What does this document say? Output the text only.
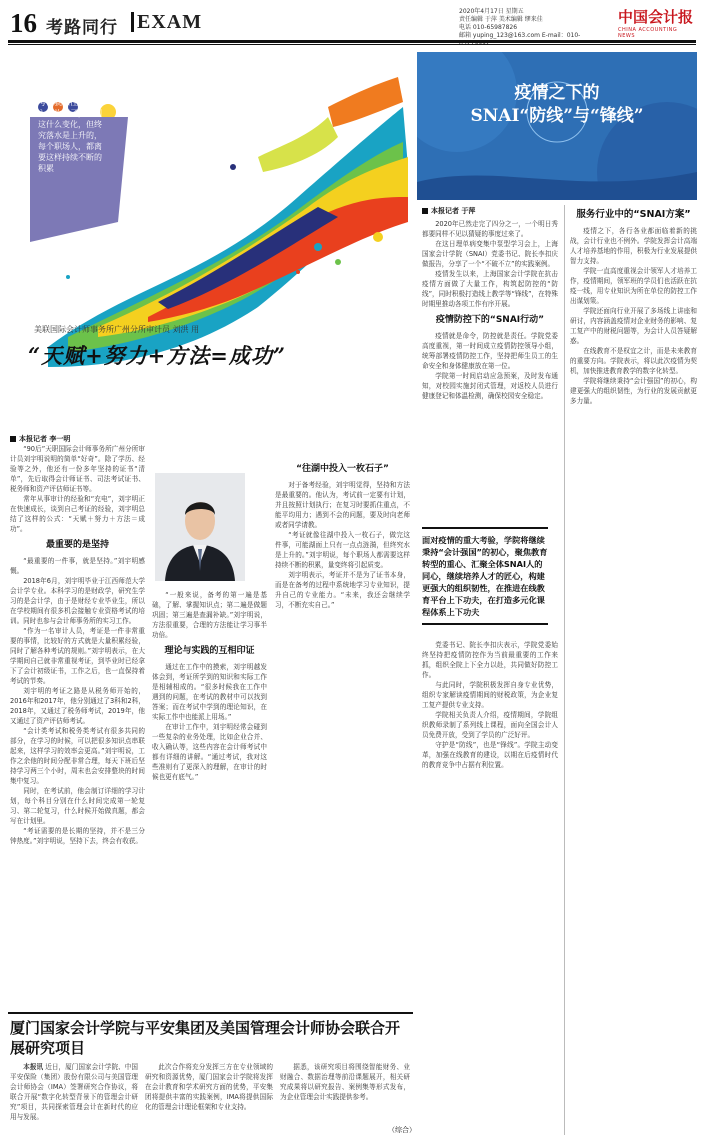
16 考路同行 EXAM	2020年4月17日 星期五
责任编辑 于萍 美术编辑 缪来佳
电话 010-65987826
邮箱 yuping_123@163.com E-mail：010-
中国会计报
CHINA ACCOUNTING NEWS
考证就像往湖中投入一枚石子，做到这什么变化，但终究落水是上升的，每个职场人，都离要这样持续不断的积累
美联国际会计师事务所广州分所审计员 刘洪 用
“天赋+努力+方法=成功”
本报记者 李一明

“90后”天职国际会计师事务所广州分所审计员刘宇明说明的简单“好奇”。除了学历、经验等之外，他还有一份多年坚持的证书“清单”，先后取得会计师证书、司法考试证书、税务师和资产评估师证书等。

常年从事审计的经验和“充电”，刘宇明正在快速成长，谈到自己考证的经验，刘宇明总结了这样的公式：“天赋＋努力＋方法＝成功”。

最重要的是坚持

“最重要的一件事，就是坚持。”刘宇明感慨。

2018年6月，刘宇明毕业于江西师范大学会计学专业。本科学习的是财政学，研究生学习的是会计学，由于是财经专业毕业生，所以在学校期间有很多机会接触专业资格考试的培训。同时也参与会计师事务所的实习工作。

“作为一名审计人员，考证是一件非常重要的事情，比较好的方式就是大量积累经验，同时了解各种考试的规则。”刘宇明表示，在大学期间自己就非常重视考证，到毕业时已经拿下了会计初级证书，工作之后，也一直保持着考试的节奏。

刘宇明的考证之路是从税务师开始的，2016年和2017年，他分别通过了3科和2科，2018年，又通过了税务师考试，2019年，他又通过了资产评估师考试。

“会计类考试和税务类考试有很多共同的部分，在学习的时候，可以把很多知识点串联起来，这样学习的效率会更高。”刘宇明说，工作之余他的时间分配非常合理，每天下班后坚持学习两三个小时，周末也会安排整块的时间集中复习。

同时，在考试前，他会制订详细的学习计划，每个科目分别在什么时间完成第一轮复习、第二轮复习，什么时候开始做真题，都会写在计划里。

“考证需要的是长期的坚持，并不是三分钟热度。”刘宇明说，坚持下去，终会有收获。

“一般来说，备考的第一遍是基础，了解、掌握知识点；第二遍是做题巩固；第三遍是查漏补缺。”刘宇明说，方法很重要，合理的方法能让学习事半功倍。

理论与实践的互相印证

通过在工作中的摸索，刘宇明越发体会到，考证所学到的知识和实际工作是相辅相成的。“很多时候我在工作中遇到的问题，在考试的教材中可以找到答案；而在考试中学到的理论知识，在实际工作中也能派上用场。”

在审计工作中，刘宇明经常会碰到一些复杂的业务处理，比如企业合并、收入确认等，这些内容在会计师考试中都有详细的讲解。“通过考试，我对这些准则有了更深入的理解，在审计的时候也更有底气。”

“往湖中投入一枚石子”

对于备考经验，刘宇明觉得，坚持和方法是最重要的。他认为，考试前一定要有计划，并且按照计划执行；在复习时要抓住重点，不能平均用力；遇到不会的问题，要及时向老师或者同学请教。

“考证就像往湖中投入一枚石子，做完这件事，可能湖面上只有一点点涟漪，但终究水是上升的。”刘宇明说，每个职场人都需要这样持续不断的积累，量变终将引起质变。

刘宇明表示，考证并不是为了证书本身，而是在备考的过程中系统地学习专业知识，提升自己的专业能力。“未来，我还会继续学习，不断充实自己。”

疫情之下的
SNAI“防线”与“锋线”
本报记者 于萍

2020年已然走完了四分之一，一个明日秀都要同样不见以猜疑的事度过来了。

在这日理单病变集中泵型学习会上，上海国家会计学院（SNAI）党委书记、院长李扣庆做报告，分享了一个“不破不立”的实践案例。

疫情发生以来，上海国家会计学院在抗击疫情方面做了大量工作，构筑起防控的“防线”，同时积极打造线上教学等“锋线”，在特殊时期里推动各项工作有序开展。

疫情防控下的“SNAI行动”

疫情就是命令，防控就是责任。学院党委高度重视，第一时间成立疫情防控领导小组，统筹部署疫情防控工作，坚持把师生员工的生命安全和身体健康放在第一位。

学院第一时间启动应急预案，及时发布通知，对校园实施封闭式管理，对返校人员进行健康登记和体温检测，确保校园安全稳定。

面对疫情的重大考验，学院将继续秉持“会计强国”的初心，聚焦教育转型的重心、汇聚全体SNAI人的同心，继续培养人才的匠心，构建更强大的组织韧性，在推进在线教育平台上下功夫，在打造多元化课程体系上下功夫

党委书记、院长李扣庆表示，学院党委始终坚持把疫情防控作为当前最重要的工作来抓，组织全院上下全力以赴，共同做好防控工作。

与此同时，学院积极发挥自身专业优势，组织专家解读疫情期间的财税政策，为企业复工复产提供专业支持。

学院相关负责人介绍，疫情期间，学院组织教师录制了系列线上课程，面向全国会计人员免费开放，受到了学员的广泛好评。

守护是“防线”，也是“锋线”。学院主动变革，加强在线教育的建设，以期在后疫情时代的教育竞争中占据有利位置。

服务行业中的“SNAI方案”

疫情之下，各行各业都面临着新的挑战，会计行业也不例外。学院发挥会计高端人才培养基地的作用，积极为行业发展提供智力支持。

学院一直高度重视会计领军人才培养工作，疫情期间，领军班的学员们也活跃在抗疫一线，用专业知识为所在单位的防控工作出谋划策。

学院还面向行业开展了多场线上讲座和研讨，内容涵盖疫情对企业财务的影响、复工复产中的财税问题等，为会计人员答疑解惑。

在线教育不是权宜之计，而是未来教育的重要方向。学院表示，将以此次疫情为契机，加快推进教育教学的数字化转型。

学院将继续秉持“会计强国”的初心，构建更强大的组织韧性，为行业的发展贡献更多力量。

厦门国家会计学院与平安集团及美国管理会计师协会联合开展研究项目

本报讯 近日，厦门国家会计学院、中国平安保险（集团）股份有限公司与美国管理会计师协会（IMA）签署研究合作协议，将联合开展“数字化转型背景下的管理会计研究”项目，共同探索管理会计在新时代的应用与发展。

此次合作将充分发挥三方在专业领域的研究和资源优势，厦门国家会计学院将发挥在会计教育和学术研究方面的优势，平安集团将提供丰富的实践案例，IMA将提供国际化的管理会计理论框架和专业支持。

据悉，该研究项目将围绕智能财务、业财融合、数据治理等前沿课题展开，相关研究成果将以研究报告、案例集等形式发布，为企业管理会计实践提供参考。

（综合）
